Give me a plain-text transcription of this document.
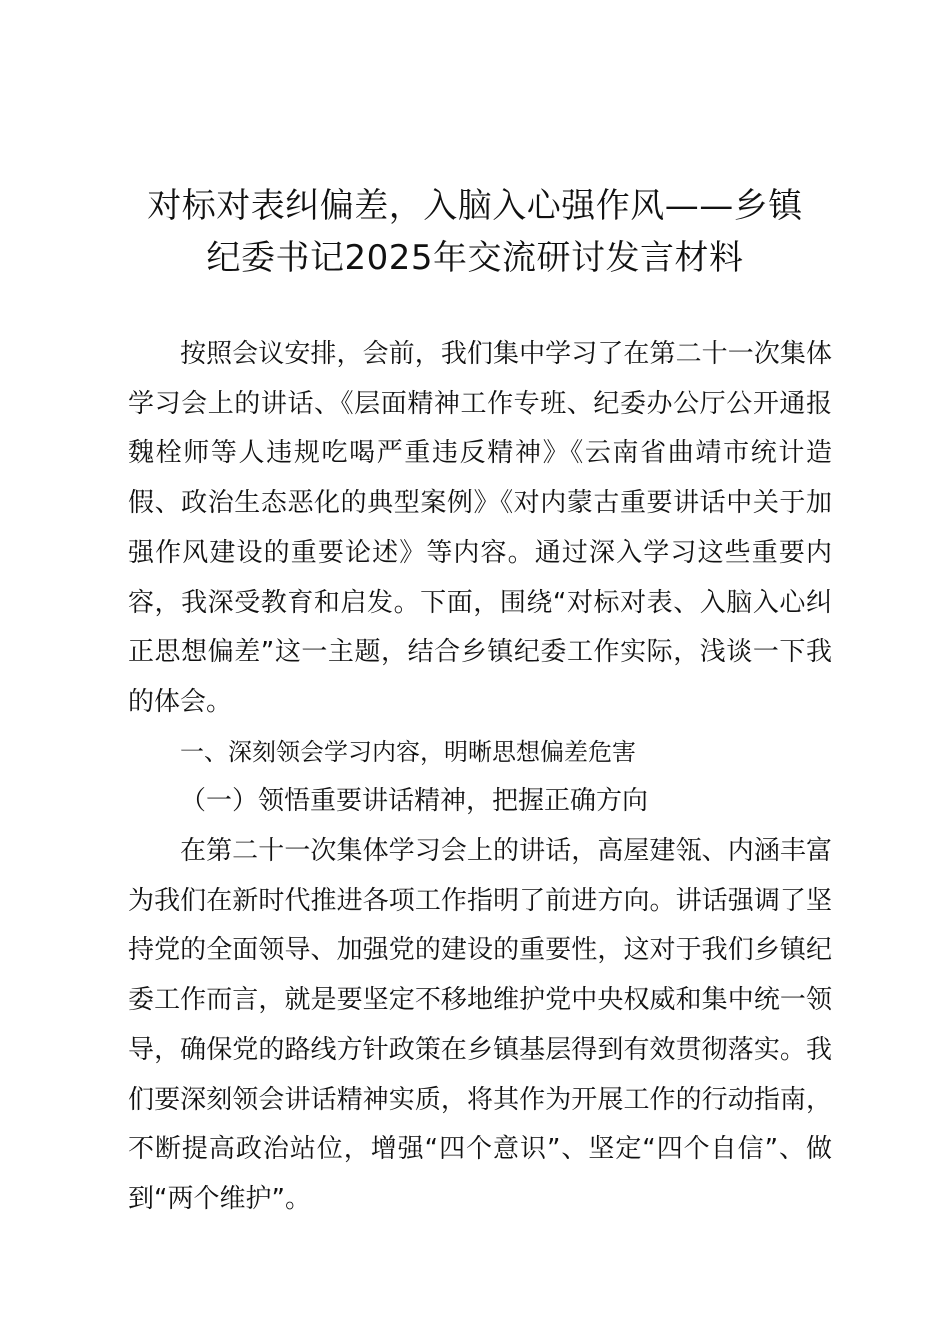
对标对表纠偏差，入脑入心强作风——乡镇
纪委书记2025年交流研讨发言材料

按照会议安排，会前，我们集中学习了在第二十一次集体学习会上的讲话、《层面精神工作专班、纪委办公厅公开通报魏栓师等人违规吃喝严重违反精神》《云南省曲靖市统计造假、政治生态恶化的典型案例》《对内蒙古重要讲话中关于加强作风建设的重要论述》等内容。通过深入学习这些重要内容，我深受教育和启发。下面，围绕“对标对表、入脑入心纠正思想偏差”这一主题，结合乡镇纪委工作实际，浅谈一下我的体会。

一、深刻领会学习内容，明晰思想偏差危害

（一）领悟重要讲话精神，把握正确方向

在第二十一次集体学习会上的讲话，高屋建瓴、内涵丰富为我们在新时代推进各项工作指明了前进方向。讲话强调了坚持党的全面领导、加强党的建设的重要性，这对于我们乡镇纪委工作而言，就是要坚定不移地维护党中央权威和集中统一领导，确保党的路线方针政策在乡镇基层得到有效贯彻落实。我们要深刻领会讲话精神实质，将其作为开展工作的行动指南，不断提高政治站位，增强“四个意识”、坚定“四个自信”、做到“两个维护”。
